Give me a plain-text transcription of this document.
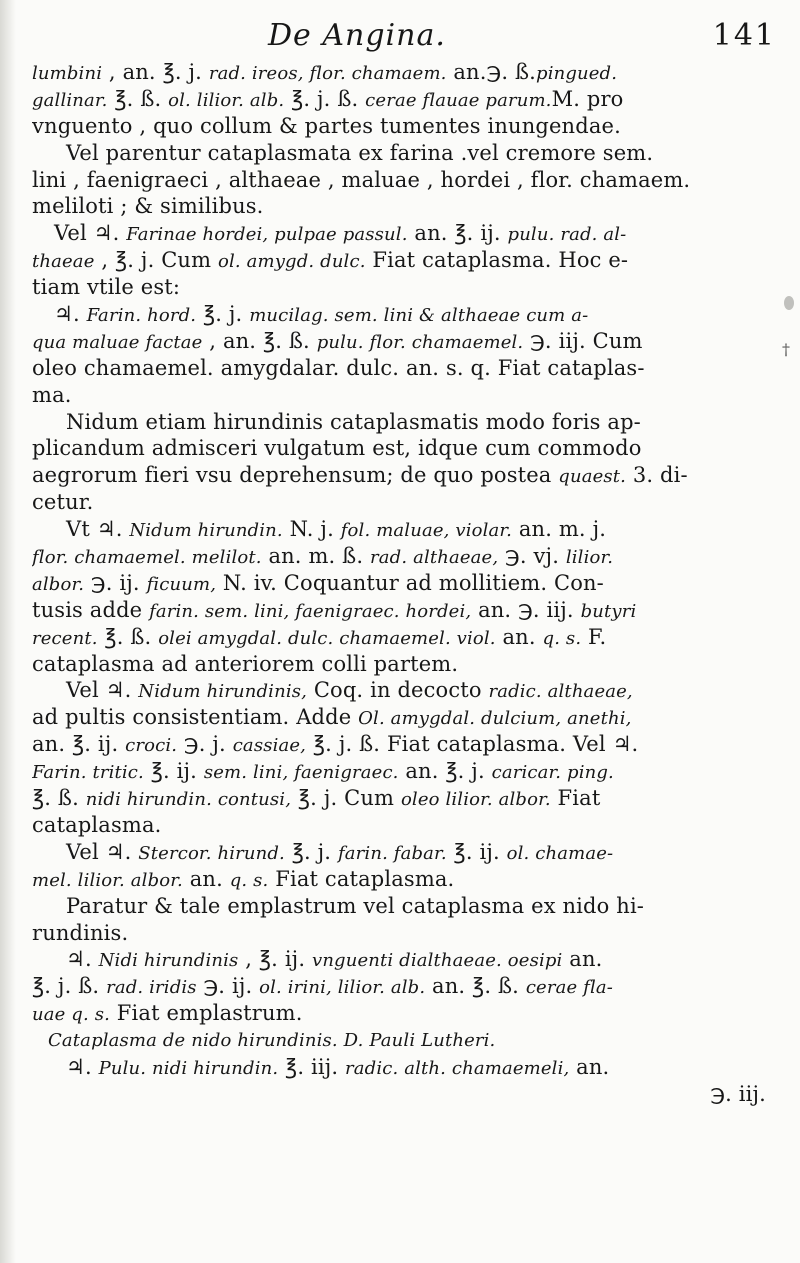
†
De Angina.	141
lumbini , an. ℥. j. rad. ireos, flor. chamaem. an.℈. ß.pingued.
gallinar. ℥. ß. ol. lilior. alb. ℥. j. ß. cerae flauae parum.M. pro
vnguento , quo collum & partes tumentes inungendae.
Vel parentur cataplasmata ex farina .vel cremore sem.
lini , faenigraeci , althaeae , maluae , hordei , flor. chamaem.
meliloti ; & similibus.
Vel ♃. Farinae hordei, pulpae passul. an. ℥. ij. pulu. rad. al-
thaeae , ℥. j. Cum ol. amygd. dulc. Fiat cataplasma. Hoc e-
tiam vtile est:
♃. Farin. hord. ℥. j. mucilag. sem. lini & althaeae cum a-
qua maluae factae , an. ℥. ß. pulu. flor. chamaemel. ℈. iij. Cum
oleo chamaemel. amygdalar. dulc. an. s. q. Fiat cataplas-
ma.
Nidum etiam hirundinis cataplasmatis modo foris ap-
plicandum admisceri vulgatum est, idque cum commodo
aegrorum fieri vsu deprehensum; de quo postea quaest. 3. di-
cetur.
Vt ♃. Nidum hirundin. N. j. fol. maluae, violar. an. m. j.
flor. chamaemel. melilot. an. m. ß. rad. althaeae, ℈. vj. lilior.
albor. ℈. ij. ficuum, N. iv. Coquantur ad mollitiem. Con-
tusis adde farin. sem. lini, faenigraec. hordei, an. ℈. iij. butyri
recent. ℥. ß. olei amygdal. dulc. chamaemel. viol. an. q. s. F.
cataplasma ad anteriorem colli partem.
Vel ♃. Nidum hirundinis, Coq. in decocto radic. althaeae,
ad pultis consistentiam. Adde Ol. amygdal. dulcium, anethi,
an. ℥. ij. croci. ℈. j. cassiae, ℥. j. ß. Fiat cataplasma. Vel ♃.
Farin. tritic. ℥. ij. sem. lini, faenigraec. an. ℥. j. caricar. ping.
℥. ß. nidi hirundin. contusi, ℥. j. Cum oleo lilior. albor. Fiat
cataplasma.
Vel ♃. Stercor. hirund. ℥. j. farin. fabar. ℥. ij. ol. chamae-
mel. lilior. albor. an. q. s. Fiat cataplasma.
Paratur & tale emplastrum vel cataplasma ex nido hi-
rundinis.
♃. Nidi hirundinis , ℥. ij. vnguenti dialthaeae. oesipi an.
℥. j. ß. rad. iridis ℈. ij. ol. irini, lilior. alb. an. ℥. ß. cerae fla-
uae q. s. Fiat emplastrum.
Cataplasma de nido hirundinis. D. Pauli Lutheri.
♃. Pulu. nidi hirundin. ℥. iij. radic. alth. chamaemeli, an.
℈. iij.
